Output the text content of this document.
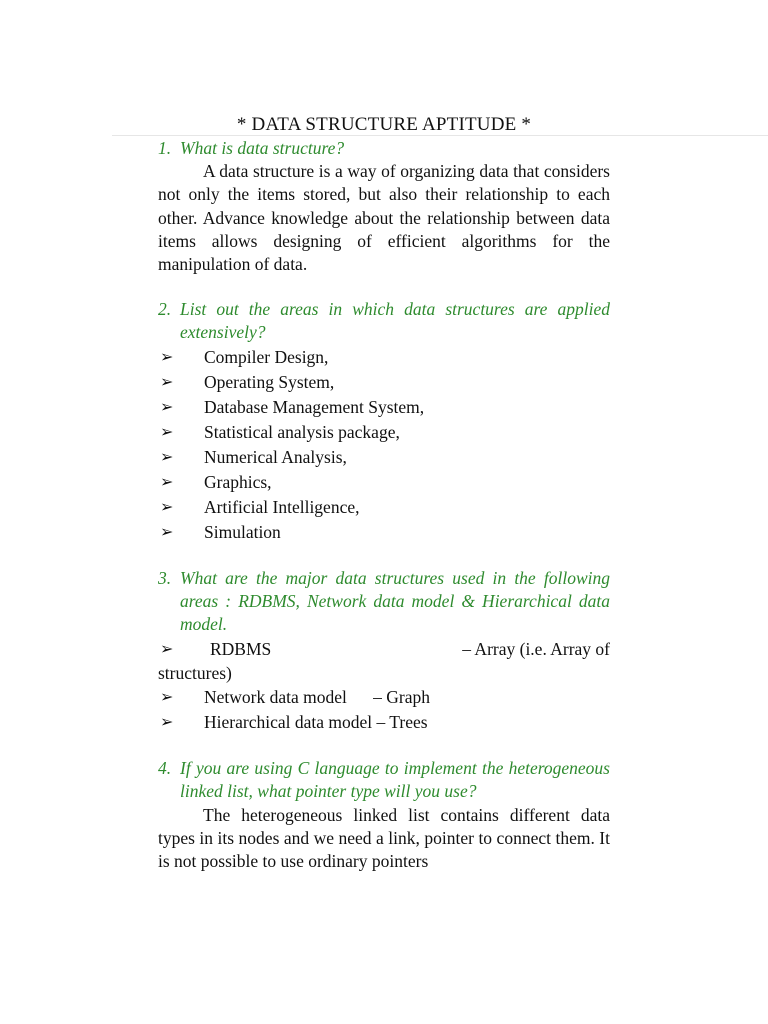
* DATA STRUCTURE APTITUDE *
1. What is data structure?

A data structure is a way of organizing data that considers not only the items stored, but also their relationship to each other. Advance knowledge about the relationship between data items allows designing of efficient algorithms for the manipulation of data.

2. List out the areas in which data structures are applied extensively?
➢ Compiler Design,
➢ Operating System,
➢ Database Management System,
➢ Statistical analysis package,
➢ Numerical Analysis,
➢ Graphics,
➢ Artificial Intelligence,
➢ Simulation
3. What are the major data structures used in the following areas : RDBMS, Network data model & Hierarchical data model.
➢	RDBMS	– Array (i.e. Array of
structures)
➢ Network data model      – Graph
➢ Hierarchical data model – Trees
4. If you are using C language to implement the heterogeneous linked list, what pointer type will you use?

The heterogeneous linked list contains different data types in its nodes and we need a link, pointer to connect them. It is not possible to use ordinary pointers
